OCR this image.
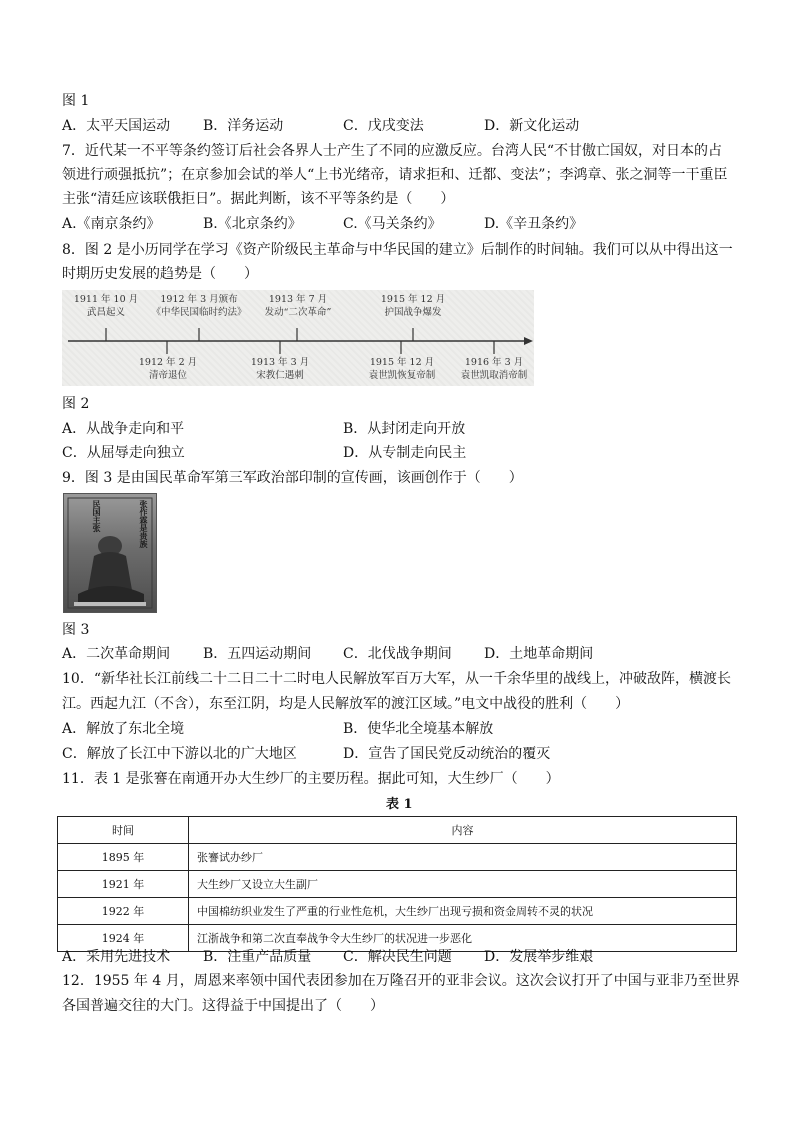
图 1
A．太平天国运动 B．洋务运动	C．戊戌变法	D．新文化运动
7．近代某一不平等条约签订后社会各界人士产生了不同的应激反应。台湾人民“不甘傲亡国奴，对日本的占
领进行顽强抵抗”；在京参加会试的举人“上书光绪帝，请求拒和、迁都、变法”；李鸿章、张之洞等一干重臣
主张“清廷应该联俄拒日”。据此判断，该不平等条约是（　　）
A.《南京条约》	B.《北京条约》	C.《马关条约》	D.《辛丑条约》
8．图 2 是小历同学在学习《资产阶级民主革命与中华民国的建立》后制作的时间轴。我们可以从中得出这一
时期历史发展的趋势是（　　）
1911 年 10 月
武昌起义
1912 年 3 月颁布
《中华民国临时约法》
1913 年 7 月
发动“二次革命”
1915 年 12 月
护国战争爆发
1912 年 2 月
清帝退位
1913 年 3 月
宋教仁遇刺
1915 年 12 月
袁世凯恢复帝制
1916 年 3 月
袁世凯取消帝制
图 2
A．从战争走向和平	B．从封闭走向开放
C．从屈辱走向独立	D．从专制走向民主
9．图 3 是由国民革命军第三军政治部印制的宣传画，该画创作于（　　）
张作霖是贵族
民国主张
图 3
A．二次革命期间 B．五四运动期间 C．北伐战争期间 D．土地革命期间
10．“新华社长江前线二十二日二十二时电人民解放军百万大军，从一千余华里的战线上，冲破敌阵，横渡长
江。西起九江（不含），东至江阴，均是人民解放军的渡江区域。”电文中战役的胜利（　　）
A．解放了东北全境	B．使华北全境基本解放
C．解放了长江中下游以北的广大地区	D．宣告了国民党反动统治的覆灭
11．表 1 是张謇在南通开办大生纱厂的主要历程。据此可知，大生纱厂（　　）
表 1
时间	内容
1895 年	张謇试办纱厂
1921 年	大生纱厂又设立大生副厂
1922 年	中国棉纺织业发生了严重的行业性危机，大生纱厂出现亏损和资金周转不灵的状况
1924 年	江浙战争和第二次直奉战争令大生纱厂的状况进一步恶化
A．采用先进技术 B．注重产品质量 C．解决民生问题 D．发展举步维艰
12．1955 年 4 月，周恩来率领中国代表团参加在万隆召开的亚非会议。这次会议打开了中国与亚非乃至世界
各国普遍交往的大门。这得益于中国提出了（　　）
